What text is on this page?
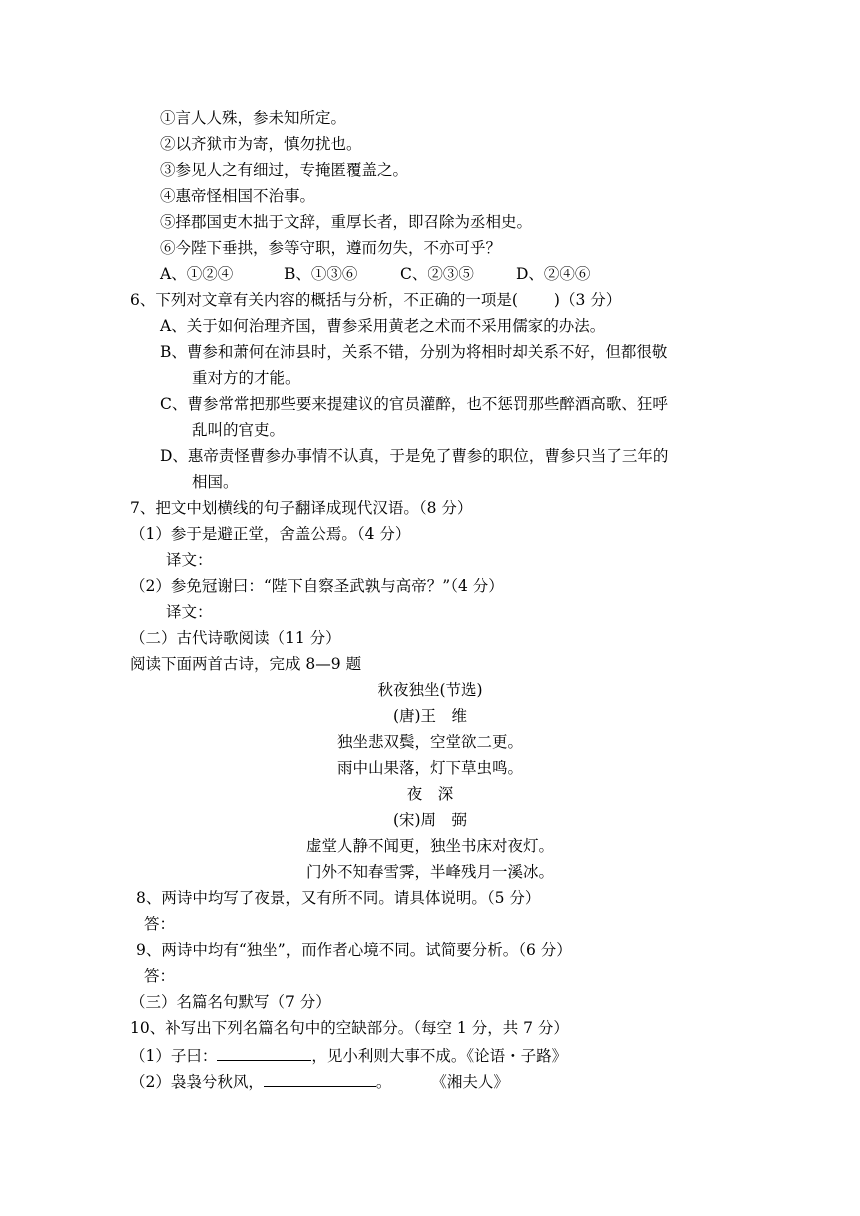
①言人人殊，参未知所定。

②以齐狱市为寄，慎勿扰也。

③参见人之有细过，专掩匿覆盖之。

④惠帝怪相国不治事。

⑤择郡国吏木拙于文辞，重厚长者，即召除为丞相史。

⑥今陛下垂拱，参等守职，遵而勿失，不亦可乎？

A、①②④	B、①③⑥	C、②③⑤	D、②④⑥

6、下列对文章有关内容的概括与分析，不正确的一项是( )（3 分）

A、关于如何治理齐国，曹参采用黄老之术而不采用儒家的办法。

B、曹参和萧何在沛县时，关系不错，分别为将相时却关系不好，但都很敬

重对方的才能。

C、曹参常常把那些要来提建议的官员灌醉，也不惩罚那些醉酒高歌、狂呼

乱叫的官吏。

D、惠帝责怪曹参办事情不认真，于是免了曹参的职位，曹参只当了三年的

相国。

7、把文中划横线的句子翻译成现代汉语。（8 分）

（1）参于是避正堂，舍盖公焉。（4 分）

译文：

（2）参免冠谢曰：“陛下自察圣武孰与高帝？”（4 分）

译文：

（二）古代诗歌阅读（11 分）

阅读下面两首古诗，完成 8—9 题

秋夜独坐(节选)
(唐)王　维
独坐悲双鬓，空堂欲二更。
雨中山果落，灯下草虫鸣。
夜　深
(宋)周　弼
虚堂人静不闻更，独坐书床对夜灯。
门外不知春雪霁，半峰残月一溪冰。

8、两诗中均写了夜景，又有所不同。请具体说明。（5 分）

答：

9、两诗中均有“独坐”，而作者心境不同。试简要分析。（6 分）

答：

（三）名篇名句默写（7 分）

10、补写出下列名篇名句中的空缺部分。（每空 1 分，共 7 分）

（1）子曰：	，见小利则大事不成。《论语・子路》

（2）袅袅兮秋风，	。	《湘夫人》
